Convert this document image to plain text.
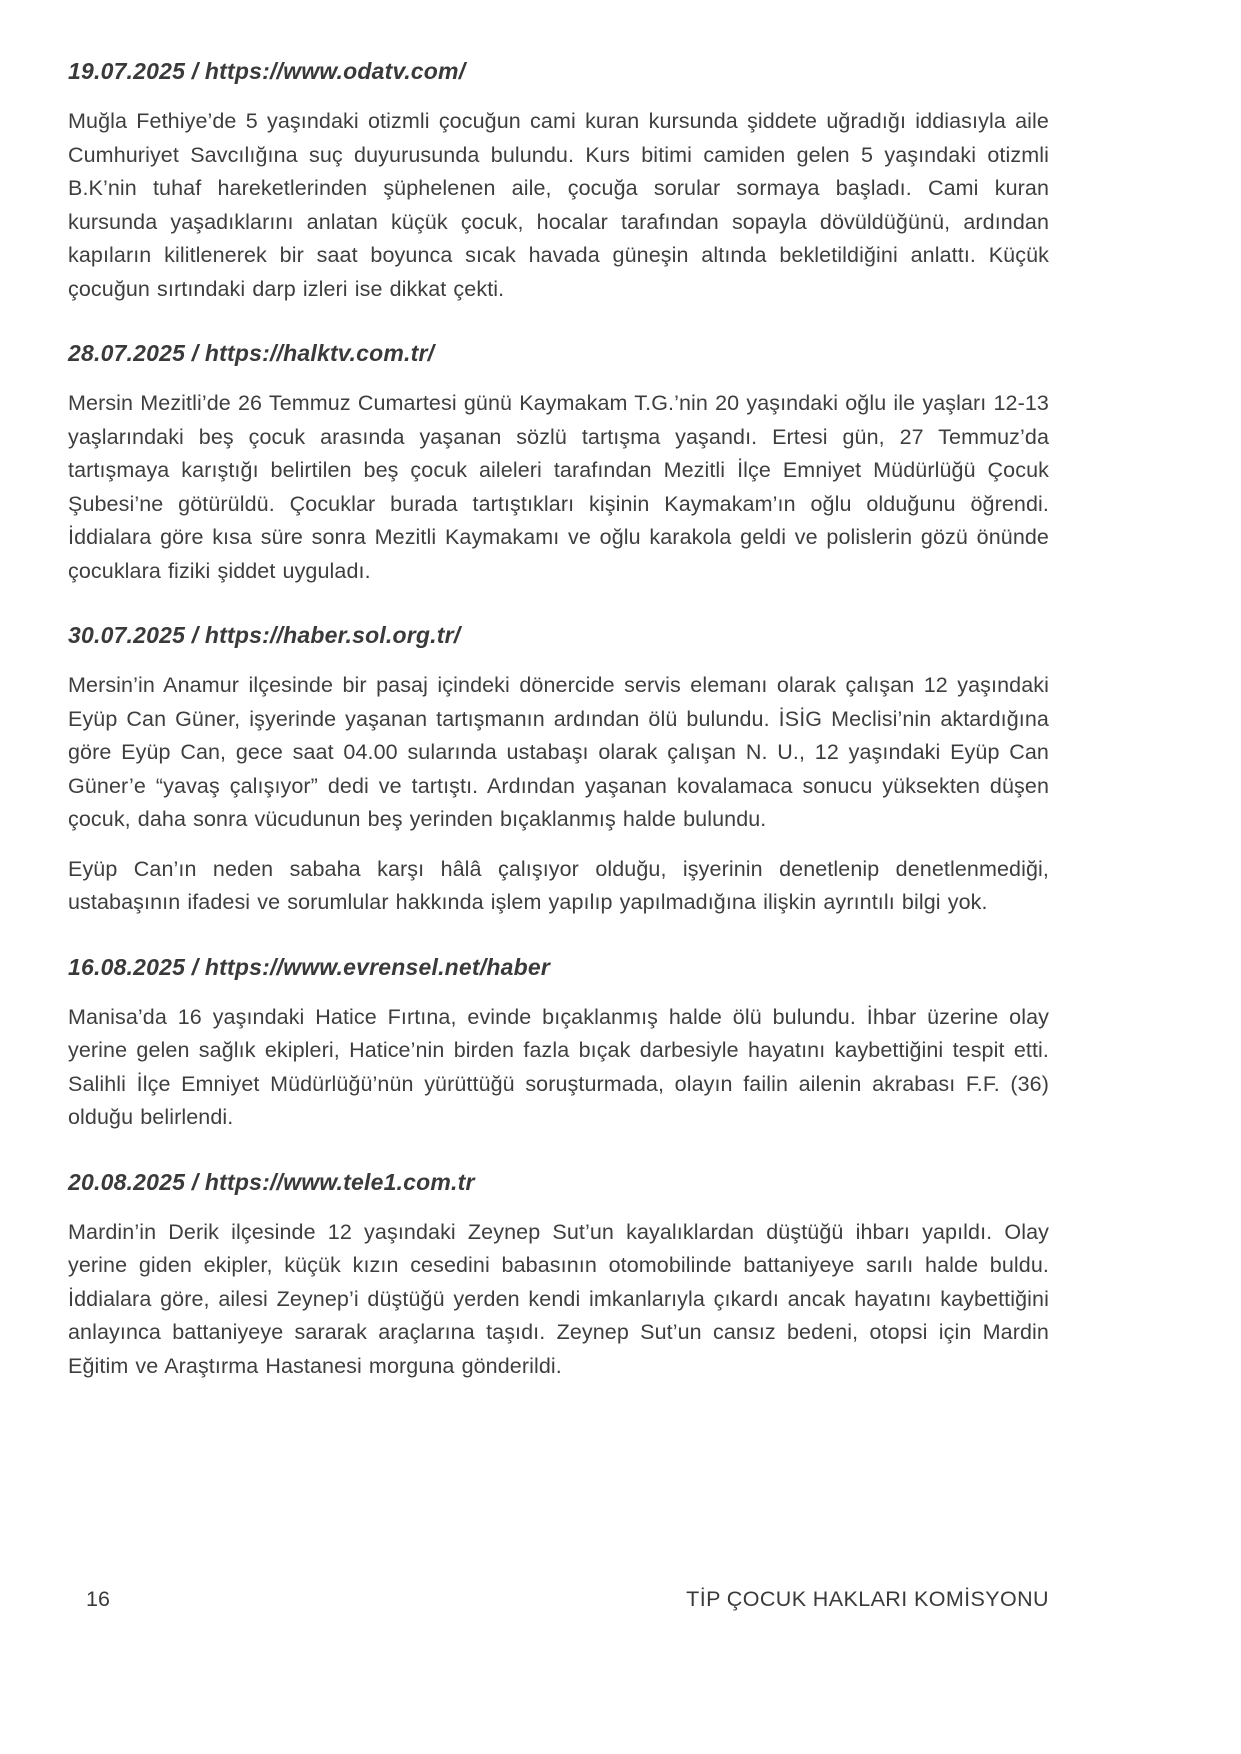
19.07.2025 / https://www.odatv.com/

Muğla Fethiye’de 5 yaşındaki otizmli çocuğun cami kuran kursunda şiddete uğradığı iddiasıyla aile Cumhuriyet Savcılığına suç duyurusunda bulundu. Kurs bitimi camiden gelen 5 yaşındaki otizmli B.K’nin tuhaf hareketlerinden şüphelenen aile, çocuğa sorular sormaya başladı. Cami kuran kursunda yaşadıklarını anlatan küçük çocuk, hocalar tarafından sopayla dövüldüğünü, ardından kapıların kilitlenerek bir saat boyunca sıcak havada güneşin altında bekletildiğini anlattı. Küçük çocuğun sırtındaki darp izleri ise dikkat çekti.

28.07.2025 / https://halktv.com.tr/

Mersin Mezitli’de 26 Temmuz Cumartesi günü Kaymakam T.G.’nin 20 yaşındaki oğlu ile yaşları 12-13 yaşlarındaki beş çocuk arasında yaşanan sözlü tartışma yaşandı. Ertesi gün, 27 Temmuz’da tartışmaya karıştığı belirtilen beş çocuk aileleri tarafından Mezitli İlçe Emniyet Müdürlüğü Çocuk Şubesi’ne götürüldü. Çocuklar burada tartıştıkları kişinin Kaymakam’ın oğlu olduğunu öğrendi. İddialara göre kısa süre sonra Mezitli Kaymakamı ve oğlu karakola geldi ve polislerin gözü önünde çocuklara fiziki şiddet uyguladı.

30.07.2025 / https://haber.sol.org.tr/

Mersin’in Anamur ilçesinde bir pasaj içindeki dönercide servis elemanı olarak çalışan 12 yaşındaki Eyüp Can Güner, işyerinde yaşanan tartışmanın ardından ölü bulundu. İSİG Meclisi’nin aktardığına göre Eyüp Can, gece saat 04.00 sularında ustabaşı olarak çalışan N. U., 12 yaşındaki Eyüp Can Güner’e “yavaş çalışıyor” dedi ve tartıştı. Ardından yaşanan kovalamaca sonucu yüksekten düşen çocuk, daha sonra vücudunun beş yerinden bıçaklanmış halde bulundu.

Eyüp Can’ın neden sabaha karşı hâlâ çalışıyor olduğu, işyerinin denetlenip denetlenmediği, ustabaşının ifadesi ve sorumlular hakkında işlem yapılıp yapılmadığına ilişkin ayrıntılı bilgi yok.

16.08.2025 / https://www.evrensel.net/haber

Manisa’da 16 yaşındaki Hatice Fırtına, evinde bıçaklanmış halde ölü bulundu. İhbar üzerine olay yerine gelen sağlık ekipleri, Hatice’nin birden fazla bıçak darbesiyle hayatını kaybettiğini tespit etti. Salihli İlçe Emniyet Müdürlüğü’nün yürüttüğü soruşturmada, olayın failin ailenin akrabası F.F. (36) olduğu belirlendi.

20.08.2025 / https://www.tele1.com.tr

Mardin’in Derik ilçesinde 12 yaşındaki Zeynep Sut’un kayalıklardan düştüğü ihbarı yapıldı. Olay yerine giden ekipler, küçük kızın cesedini babasının otomobilinde battaniyeye sarılı halde buldu. İddialara göre, ailesi Zeynep’i düştüğü yerden kendi imkanlarıyla çıkardı ancak hayatını kaybettiğini anlayınca battaniyeye sararak araçlarına taşıdı. Zeynep Sut’un cansız bedeni, otopsi için Mardin Eğitim ve Araştırma Hastanesi morguna gönderildi.

16	TİP ÇOCUK HAKLARI KOMİSYONU
